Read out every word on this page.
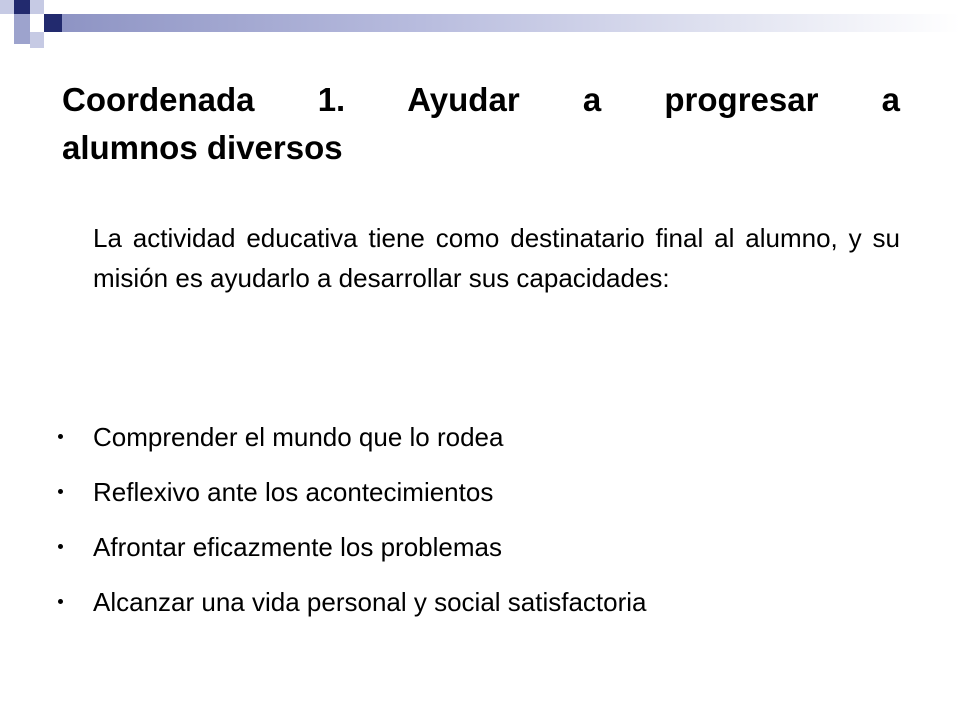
Coordenada 1. Ayudar a progresar a
alumnos diversos

La actividad educativa tiene como destinatario final al alumno, y su misión es ayudarlo a desarrollar sus capacidades:

Comprender el mundo que lo rodea
Reflexivo ante los acontecimientos
Afrontar eficazmente los problemas
Alcanzar una vida personal y social satisfactoria
